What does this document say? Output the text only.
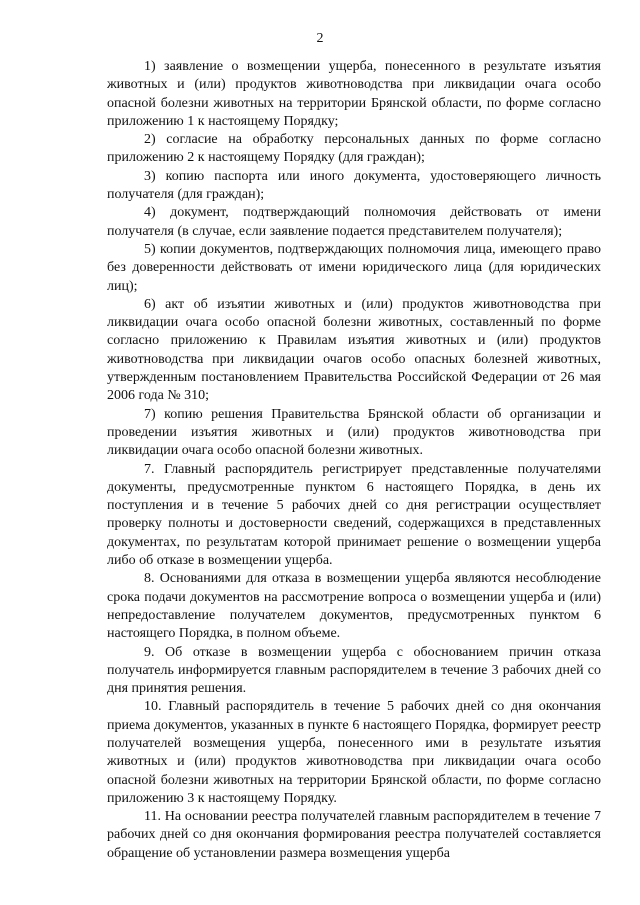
2

1) заявление о возмещении ущерба, понесенного в результате изъятия животных и (или) продуктов животноводства при ликвидации очага особо опасной болезни животных на территории Брянской области, по форме согласно приложению 1 к настоящему Порядку;

2) согласие на обработку персональных данных по форме согласно приложению 2 к настоящему Порядку (для граждан);

3) копию паспорта или иного документа, удостоверяющего личность получателя (для граждан);

4) документ, подтверждающий полномочия действовать от имени получателя (в случае, если заявление подается представителем получателя);

5) копии документов, подтверждающих полномочия лица, имеющего право без доверенности действовать от имени юридического лица (для юридических лиц);

6) акт об изъятии животных и (или) продуктов животноводства при ликвидации очага особо опасной болезни животных, составленный по форме согласно приложению к Правилам изъятия животных и (или) продуктов животноводства при ликвидации очагов особо опасных болезней животных, утвержденным постановлением Правительства Российской Федерации от 26 мая 2006 года № 310;

7) копию решения Правительства Брянской области об организации и проведении изъятия животных и (или) продуктов животноводства при ликвидации очага особо опасной болезни животных.

7. Главный распорядитель регистрирует представленные получателями документы, предусмотренные пунктом 6 настоящего Порядка, в день их поступления и в течение 5 рабочих дней со дня регистрации осуществляет проверку полноты и достоверности сведений, содержащихся в представленных документах, по результатам которой принимает решение о возмещении ущерба либо об отказе в возмещении ущерба.

8. Основаниями для отказа в возмещении ущерба являются несоблюдение срока подачи документов на рассмотрение вопроса о возмещении ущерба и (или) непредоставление получателем документов, предусмотренных пунктом 6 настоящего Порядка, в полном объеме.

9. Об отказе в возмещении ущерба с обоснованием причин отказа получатель информируется главным распорядителем в течение 3 рабочих дней со дня принятия решения.

10. Главный распорядитель в течение 5 рабочих дней со дня окончания приема документов, указанных в пункте 6 настоящего Порядка, формирует реестр получателей возмещения ущерба, понесенного ими в результате изъятия животных и (или) продуктов животноводства при ликвидации очага особо опасной болезни животных на территории Брянской области, по форме согласно приложению 3 к настоящему Порядку.

11. На основании реестра получателей главным распорядителем в течение 7 рабочих дней со дня окончания формирования реестра получателей составляется обращение об установлении размера возмещения ущерба
